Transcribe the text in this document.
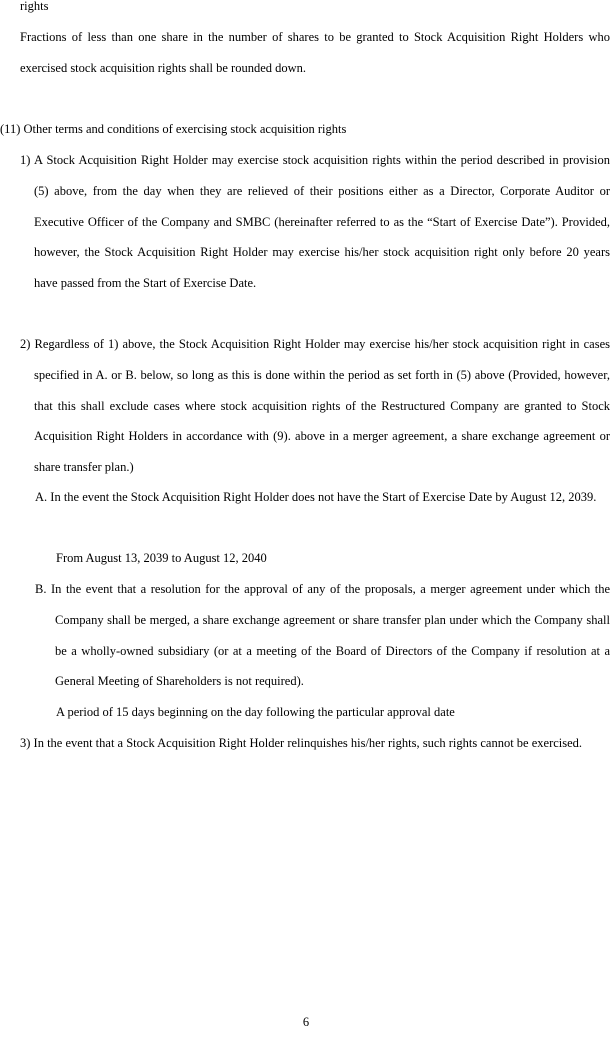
rights

Fractions of less than one share in the number of shares to be granted to Stock Acquisition Right Holders who exercised stock acquisition rights shall be rounded down.

(11) Other terms and conditions of exercising stock acquisition rights

1) A Stock Acquisition Right Holder may exercise stock acquisition rights within the period described in provision (5) above, from the day when they are relieved of their positions either as a Director, Corporate Auditor or Executive Officer of the Company and SMBC (hereinafter referred to as the “Start of Exercise Date”). Provided, however, the Stock Acquisition Right Holder may exercise his/her stock acquisition right only before 20 years have passed from the Start of Exercise Date.

2) Regardless of 1) above, the Stock Acquisition Right Holder may exercise his/her stock acquisition right in cases specified in A. or B. below, so long as this is done within the period as set forth in (5) above (Provided, however, that this shall exclude cases where stock acquisition rights of the Restructured Company are granted to Stock Acquisition Right Holders in accordance with (9). above in a merger agreement, a share exchange agreement or share transfer plan.)

A. In the event the Stock Acquisition Right Holder does not have the Start of Exercise Date by August 12, 2039.

From August 13, 2039 to August 12, 2040

B. In the event that a resolution for the approval of any of the proposals, a merger agreement under which the Company shall be merged, a share exchange agreement or share transfer plan under which the Company shall be a wholly-owned subsidiary (or at a meeting of the Board of Directors of the Company if resolution at a General Meeting of Shareholders is not required).

A period of 15 days beginning on the day following the particular approval date

3) In the event that a Stock Acquisition Right Holder relinquishes his/her rights, such rights cannot be exercised.

6
